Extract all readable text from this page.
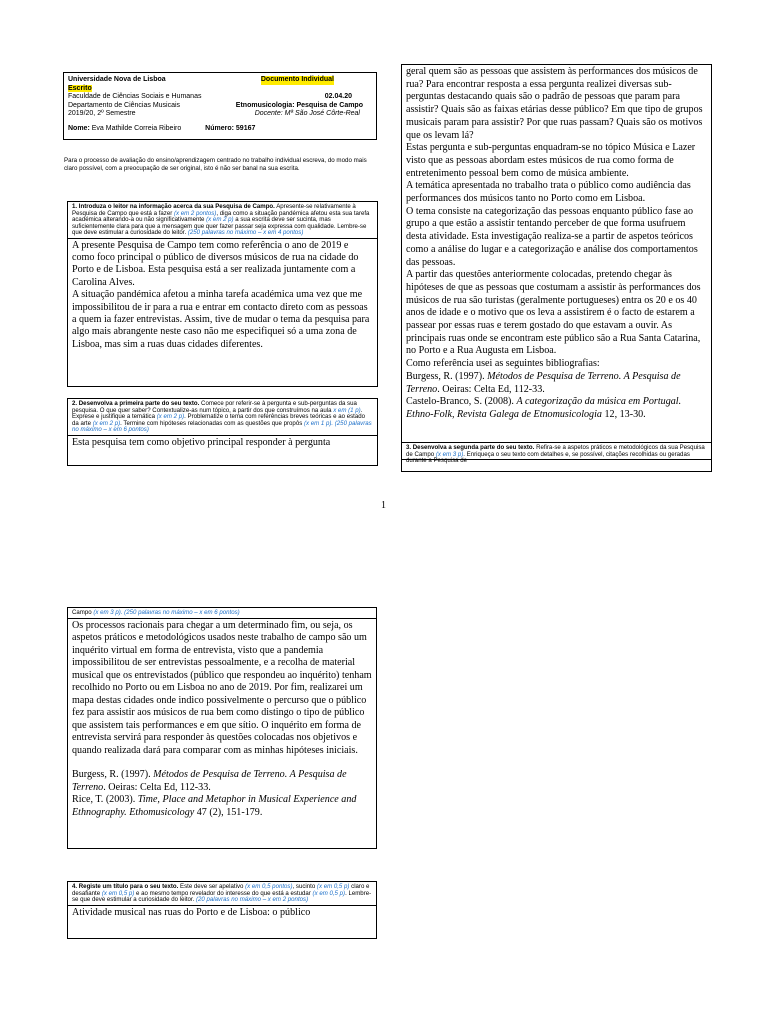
Universidade Nova de Lisboa	Documento Individual
Escrito
Faculdade de Ciências Sociais e Humanas	02.04.20
Departamento de Ciências Musicais	Etnomusicologia: Pesquisa de Campo
2019/20, 2º Semestre	Docente: Mª São José Côrte-Real
Nome: Eva Mathilde Correia Ribeiro	Número: 59167
Para o processo de avaliação do ensino/aprendizagem centrado no trabalho individual escreva, do modo mais claro possível, com a preocupação de ser original, isto é não ser banal na sua escrita.
1. Introduza o leitor na informação acerca da sua Pesquisa de Campo. Apresente-se relativamente à Pesquisa de Campo que está a fazer (x em 2 pontos), diga como a situação pandémica afetou esta sua tarefa académica alterando-a ou não significativamente (x em 2 p) a sua escrita deve ser sucinta, mas suficientemente clara para que a mensagem que quer fazer passar seja expressa com qualidade. Lembre-se que deve estimular a curiosidade do leitor. (250 palavras no máximo – x em 4 pontos)

A presente Pesquisa de Campo tem como referência o ano de 2019 e como foco principal o público de diversos músicos de rua na cidade do Porto e de Lisboa. Esta pesquisa está a ser realizada juntamente com a Carolina Alves.

A situação pandémica afetou a minha tarefa académica uma vez que me impossibilitou de ir para a rua e entrar em contacto direto com as pessoas a quem ia fazer entrevistas. Assim, tive de mudar o tema da pesquisa para algo mais abrangente neste caso não me especifiquei só a uma zona de Lisboa, mas sim a ruas duas cidades diferentes.

2. Desenvolva a primeira parte do seu texto. Comece por referir-se à pergunta e sub-perguntas da sua pesquisa. O que quer saber? Contextualize-as num tópico, a partir dos que construímos na aula x em (1 p). Exprese e justifique a temática (x em 2 p). Problematize o tema com referências breves teóricas e ao estado da arte (x em 2 p). Termine com hipóteses relacionadas com as questões que propôs (x em 1 p). (250 palavras no máximo – x em 6 pontos)

Esta pesquisa tem como objetivo principal responder à pergunta

geral quem são as pessoas que assistem às performances dos músicos de rua? Para encontrar resposta a essa pergunta realizei diversas sub-perguntas destacando quais são o padrão de pessoas que param para assistir? Quais são as faixas etárias desse público? Em que tipo de grupos musicais param para assistir? Por que ruas passam? Quais são os motivos que os levam lá?

Estas pergunta e sub-perguntas enquadram-se no tópico Música e Lazer visto que as pessoas abordam estes músicos de rua como forma de entretenimento pessoal bem como de música ambiente.

A temática apresentada no trabalho trata o público como audiência das performances dos músicos tanto no Porto como em Lisboa.

O tema consiste na categorização das pessoas enquanto público fase ao grupo a que estão a assistir tentando perceber de que forma usufruem desta atividade. Esta investigação realiza-se a partir de aspetos teóricos como a análise do lugar e a categorização e análise dos comportamentos das pessoas.

A partir das questões anteriormente colocadas, pretendo chegar às hipóteses de que as pessoas que costumam a assistir às performances dos músicos de rua são turistas (geralmente portugueses) entra os 20 e os 40 anos de idade e o motivo que os leva a assistirem é o facto de estarem a passear por essas ruas e terem gostado do que estavam a ouvir. As principais ruas onde se encontram este público são a Rua Santa Catarina, no Porto e a Rua Augusta em Lisboa.

Como referência usei as seguintes bibliografias:

Burgess, R. (1997). Métodos de Pesquisa de Terreno. A Pesquisa de Terreno. Oeiras: Celta Ed, 112-33.

Castelo-Branco, S. (2008). A categorização da música em Portugal. Ethno-Folk, Revista Galega de Etnomusicologia 12, 13-30.

3. Desenvolva a segunda parte do seu texto. Refira-se a aspetos práticos e metodológicos da sua Pesquisa de Campo (x em 3 p). Enriqueça o seu texto com detalhes e, se possível, citações recolhidas ou geradas durante a Pesquisa de
1
Campo (x em 3 p). (250 palavras no máximo – x em 6 pontos)

Os processos racionais para chegar a um determinado fim, ou seja, os aspetos práticos e metodológicos usados neste trabalho de campo são um inquérito virtual em forma de entrevista, visto que a pandemia impossibilitou de ser entrevistas pessoalmente, e a recolha de material musical que os entrevistados (público que respondeu ao inquérito) tenham recolhido no Porto ou em Lisboa no ano de 2019. Por fim, realizarei um mapa destas cidades onde indico possivelmente o percurso que o público fez para assistir aos músicos de rua bem como distingo o tipo de público que assistem tais performances e em que sítio. O inquérito em forma de entrevista servirá para responder às questões colocadas nos objetivos e quando realizada dará para comparar com as minhas hipóteses iniciais.

Burgess, R. (1997). Métodos de Pesquisa de Terreno. A Pesquisa de Terreno. Oeiras: Celta Ed, 112-33.

Rice, T. (2003). Time, Place and Metaphor in Musical Experience and Ethnography. Ethomusicology 47 (2), 151-179.

4. Registe um título para o seu texto. Este deve ser apelativo (x em 0,5 pontos), sucinto (x em 0,5 p) claro e desafiante (x em 0,5 p) e ao mesmo tempo revelador do interesse do que está a estudar (x em 0,5 p). Lembre-se que deve estimular a curiosidade do leitor. (20 palavras no máximo – x em 2 pontos)

Atividade musical nas ruas do Porto e de Lisboa: o público
